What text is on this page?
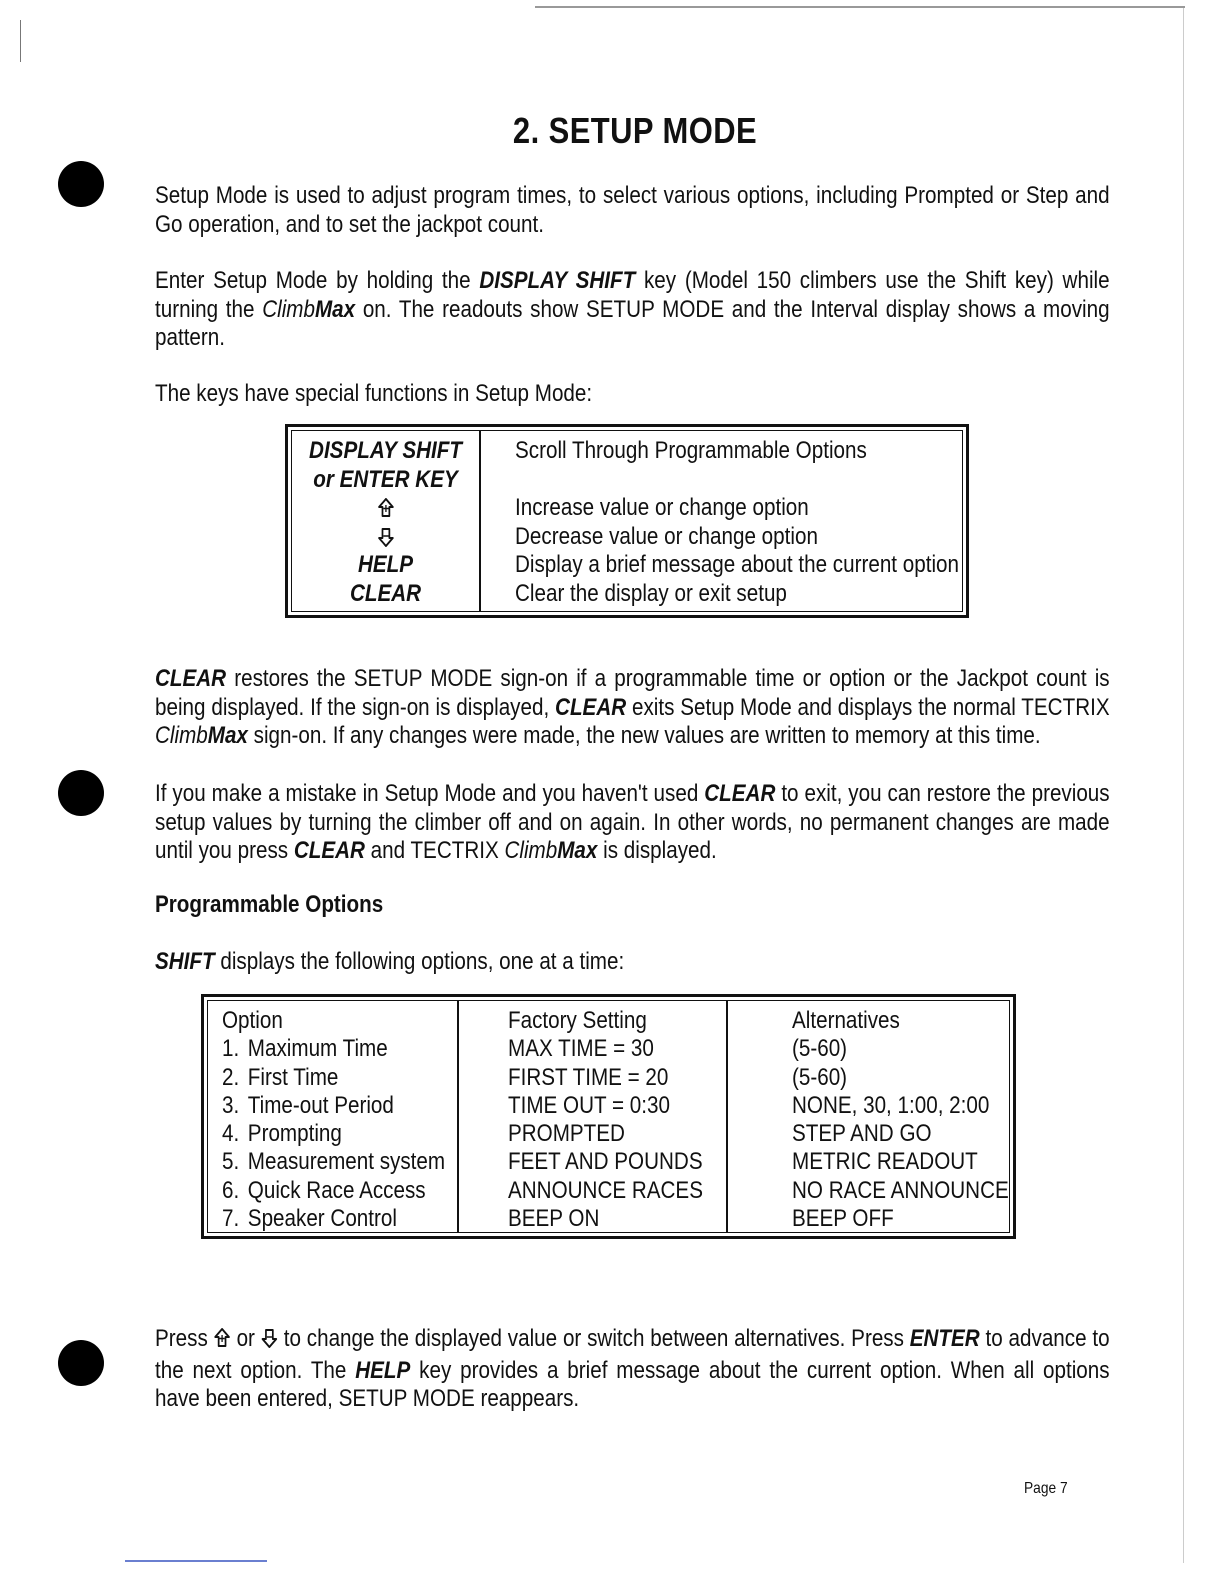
2. SETUP MODE

Setup Mode is used to adjust program times, to select various options, including Prompted or Step and Go operation, and to set the jackpot count.

Enter Setup Mode by holding the DISPLAY SHIFT key (Model 150 climbers use the Shift key) while turning the ClimbMax on. The readouts show SETUP MODE and the Interval display shows a moving pattern.

The keys have special functions in Setup Mode:

DISPLAY SHIFT
or ENTER KEY
HELP
CLEAR
Scroll Through Programmable Options

Increase value or change option
Decrease value or change option
Display a brief message about the current option
Clear the display or exit setup

CLEAR restores the SETUP MODE sign-on if a programmable time or option or the Jackpot count is being displayed. If the sign-on is displayed, CLEAR exits Setup Mode and displays the normal TECTRIX ClimbMax sign-on. If any changes were made, the new values are written to memory at this time.

If you make a mistake in Setup Mode and you haven't used CLEAR to exit, you can restore the previous setup values by turning the climber off and on again. In other words, no permanent changes are made until you press CLEAR and TECTRIX ClimbMax is displayed.

Programmable Options

SHIFT displays the following options, one at a time:

Option
1. Maximum Time
2. First Time
3. Time-out Period
4. Prompting
5. Measurement system
6. Quick Race Access
7. Speaker Control
Factory Setting
MAX TIME = 30
FIRST TIME = 20
TIME OUT = 0:30
PROMPTED
FEET AND POUNDS
ANNOUNCE RACES
BEEP ON
Alternatives
(5-60)
(5-60)
NONE, 30, 1:00, 2:00
STEP AND GO
METRIC READOUT
NO RACE ANNOUNCE
BEEP OFF

Press  or  to change the displayed value or switch between alternatives. Press ENTER to advance to the next option. The HELP key provides a brief message about the current option. When all options have been entered, SETUP MODE reappears.

Page 7
